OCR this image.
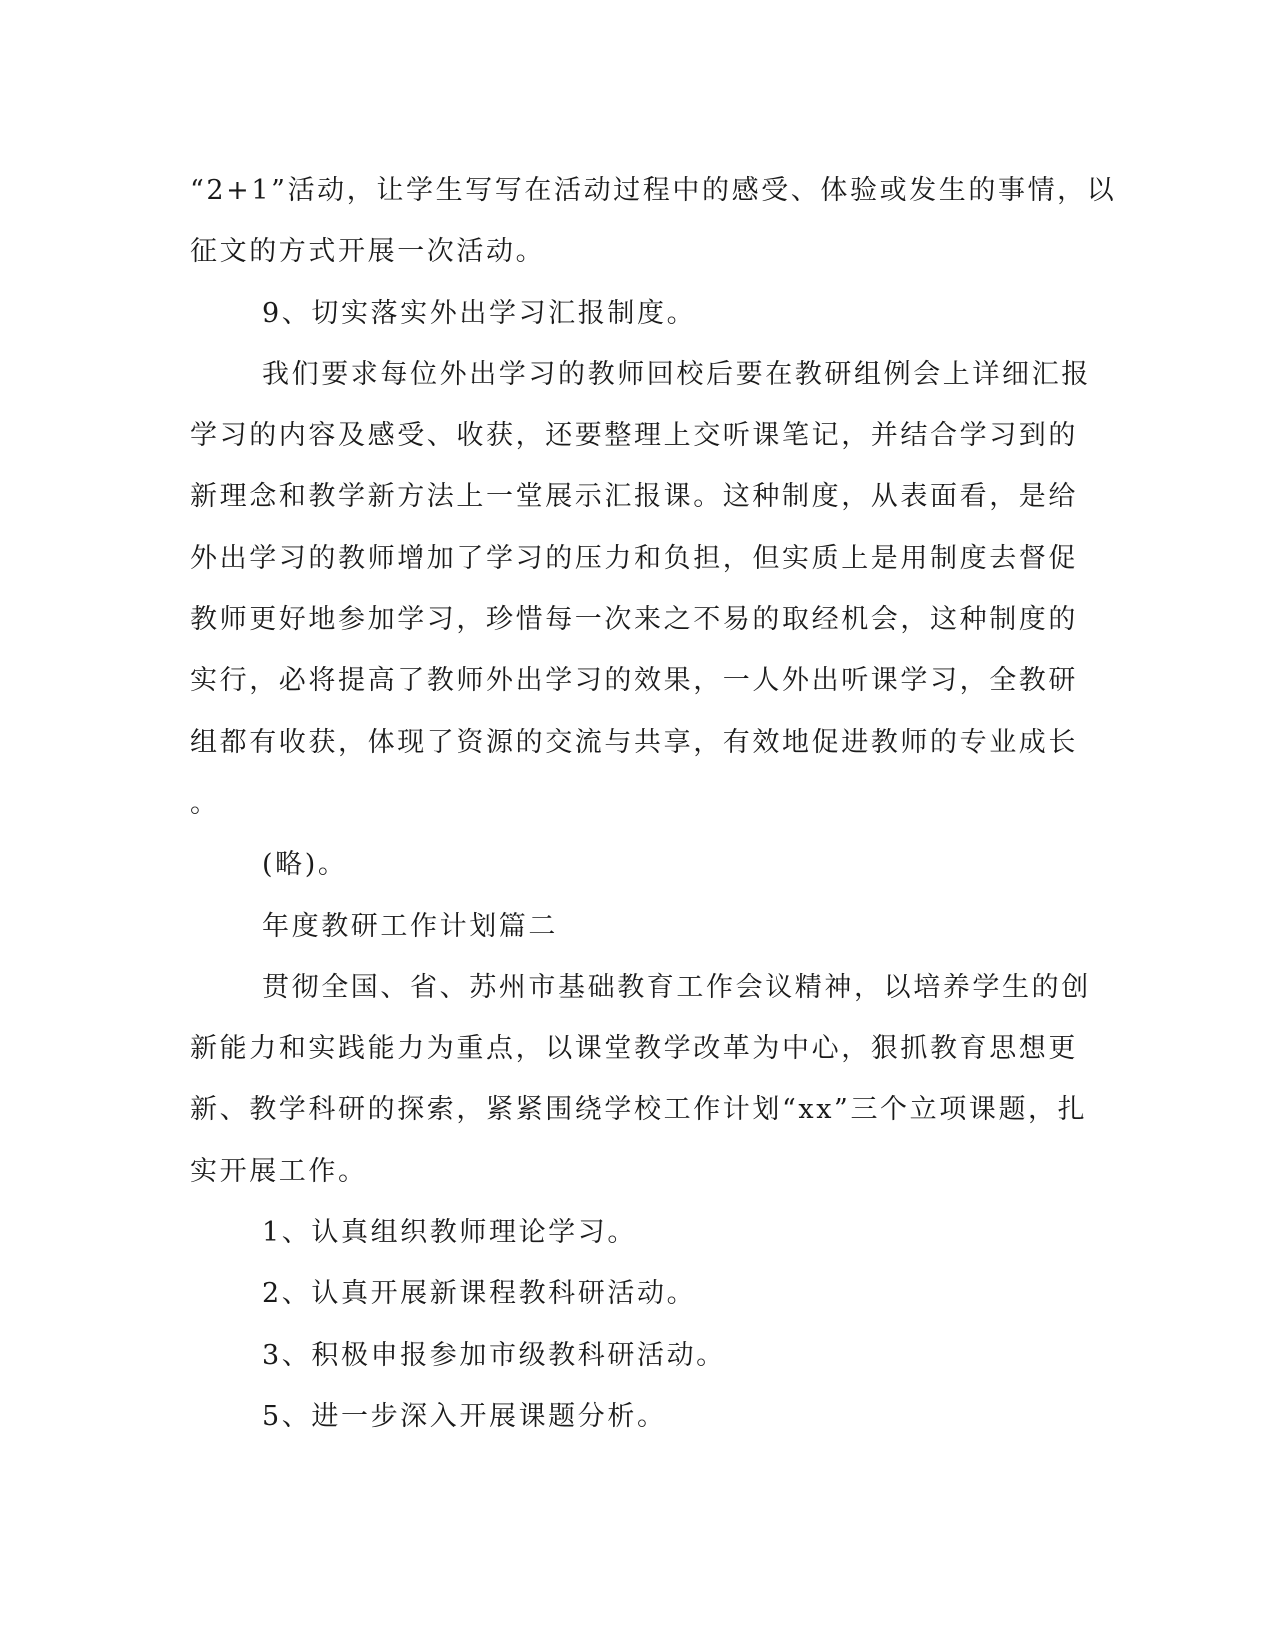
“2+1”活动，让学生写写在活动过程中的感受、体验或发生的事情，以
征文的方式开展一次活动。
9、切实落实外出学习汇报制度。
我们要求每位外出学习的教师回校后要在教研组例会上详细汇报
学习的内容及感受、收获，还要整理上交听课笔记，并结合学习到的
新理念和教学新方法上一堂展示汇报课。这种制度，从表面看，是给
外出学习的教师增加了学习的压力和负担，但实质上是用制度去督促
教师更好地参加学习，珍惜每一次来之不易的取经机会，这种制度的
实行，必将提高了教师外出学习的效果，一人外出听课学习，全教研
组都有收获，体现了资源的交流与共享，有效地促进教师的专业成长
。
(略)。
年度教研工作计划篇二
贯彻全国、省、苏州市基础教育工作会议精神，以培养学生的创
新能力和实践能力为重点，以课堂教学改革为中心，狠抓教育思想更
新、教学科研的探索，紧紧围绕学校工作计划“xx”三个立项课题，扎
实开展工作。
1、认真组织教师理论学习。
2、认真开展新课程教科研活动。
3、积极申报参加市级教科研活动。
5、进一步深入开展课题分析。
